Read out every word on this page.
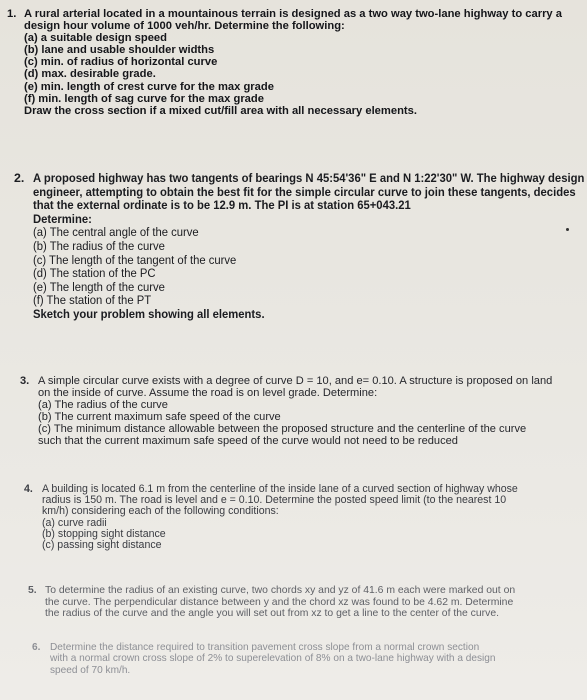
1. A rural arterial located in a mountainous terrain is designed as a two way two-lane highway to carry a
design hour volume of 1000 veh/hr. Determine the following:
(a) a suitable design speed
(b) lane and usable shoulder widths
(c) min. of radius of horizontal curve
(d) max. desirable grade.
(e) min. length of crest curve for the max grade
(f) min. length of sag curve for the max grade
Draw the cross section if a mixed cut/fill area with all necessary elements.
2. A proposed highway has two tangents of bearings N 45:54'36" E and N 1:22'30" W. The highway design
engineer, attempting to obtain the best fit for the simple circular curve to join these tangents, decides
that the external ordinate is to be 12.9 m. The PI is at station 65+043.21
Determine:
(a) The central angle of the curve
(b) The radius of the curve
(c) The length of the tangent of the curve
(d) The station of the PC
(e) The length of the curve
(f) The station of the PT
Sketch your problem showing all elements.
3. A simple circular curve exists with a degree of curve D = 10, and e= 0.10. A structure is proposed on land
on the inside of curve. Assume the road is on level grade. Determine:
(a) The radius of the curve
(b) The current maximum safe speed of the curve
(c) The minimum distance allowable between the proposed structure and the centerline of the curve
such that the current maximum safe speed of the curve would not need to be reduced
4. A building is located 6.1 m from the centerline of the inside lane of a curved section of highway whose
radius is 150 m. The road is level and e = 0.10. Determine the posted speed limit (to the nearest 10
km/h) considering each of the following conditions:
(a) curve radii
(b) stopping sight distance
(c) passing sight distance
5. To determine the radius of an existing curve, two chords xy and yz of 41.6 m each were marked out on
the curve. The perpendicular distance between y and the chord xz was found to be 4.62 m. Determine
the radius of the curve and the angle you will set out from xz to get a line to the center of the curve.
6. Determine the distance required to transition pavement cross slope from a normal crown section
with a normal crown cross slope of 2% to superelevation of 8% on a two-lane highway with a design
speed of 70 km/h.
